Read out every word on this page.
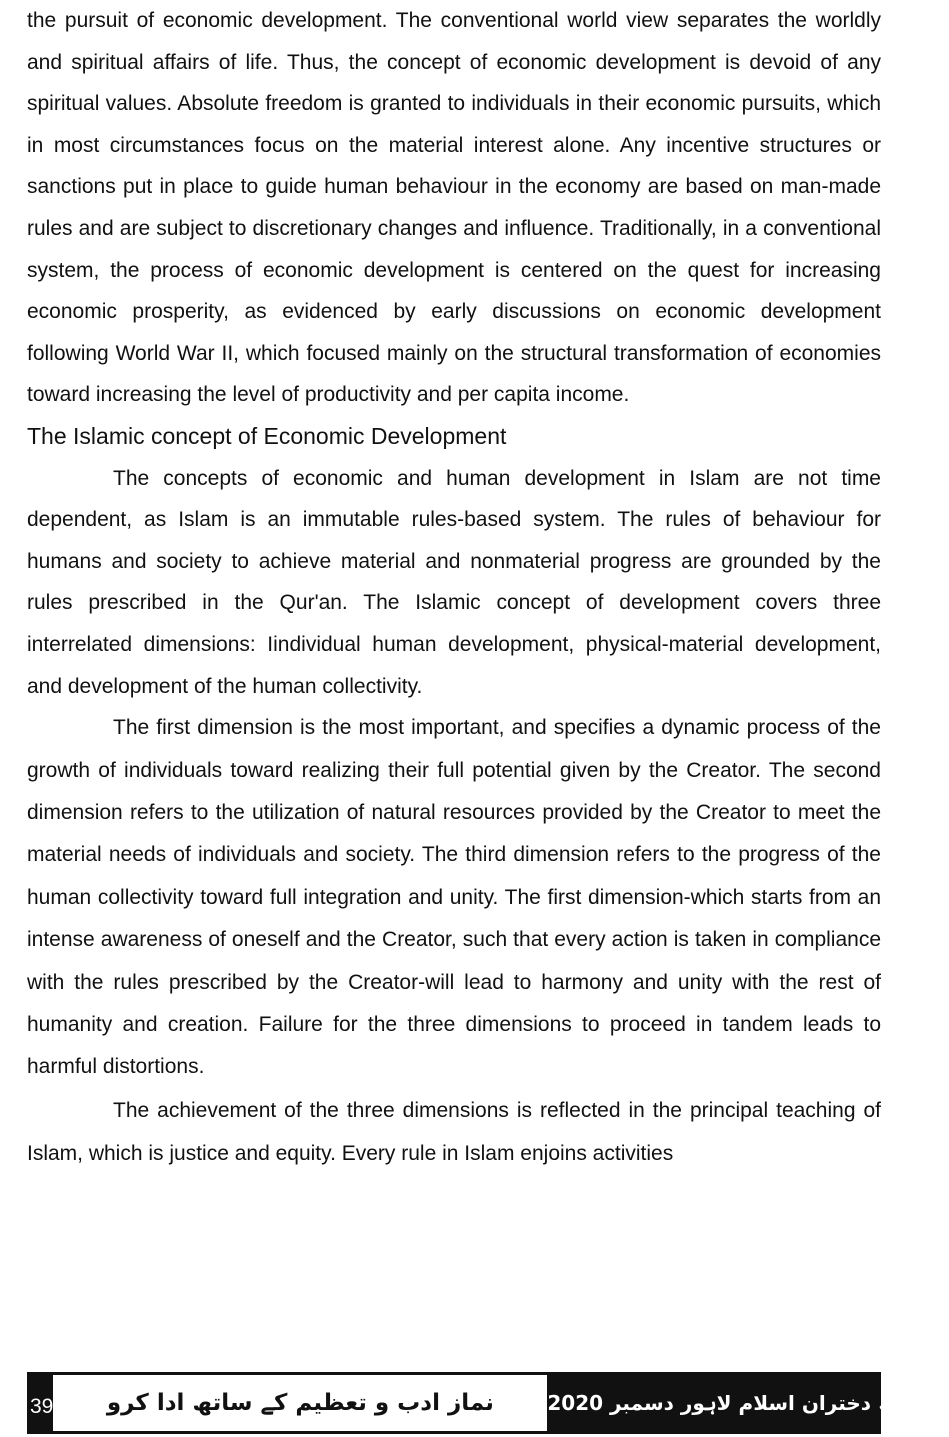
the pursuit of economic development. The conventional world view separates the worldly and spiritual affairs of life. Thus, the concept of economic development is devoid of any spiritual values. Absolute freedom is granted to individuals in their economic pursuits, which in most circumstances focus on the material interest alone. Any incentive structures or sanctions put in place to guide human behaviour in the economy are based on man-made rules and are subject to discretionary changes and influence. Traditionally, in a conventional system, the process of economic development is centered on the quest for increasing economic prosperity, as evidenced by early discussions on economic development following World War II, which focused mainly on the structural transformation of economies toward increasing the level of productivity and per capita income.

The Islamic concept of Economic Development

The concepts of economic and human development in Islam are not time dependent, as Islam is an immutable rules-based system. The rules of behaviour for humans and society to achieve material and nonmaterial progress are grounded by the rules prescribed in the Qur'an. The Islamic concept of development covers three interrelated dimensions: Iindividual human development, physical-material development, and development of the human collectivity.

The first dimension is the most important, and specifies a dynamic process of the growth of individuals toward realizing their full potential given by the Creator. The second dimension refers to the utilization of natural resources provided by the Creator to meet the material needs of individuals and society. The third dimension refers to the progress of the human collectivity toward full integration and unity. The first dimension-which starts from an intense awareness of oneself and the Creator, such that every action is taken in compliance with the rules prescribed by the Creator-will lead to harmony and unity with the rest of humanity and creation. Failure for the three dimensions to proceed in tandem leads to harmful distortions.

The achievement of the three dimensions is reflected in the principal teaching of Islam, which is justice and equity. Every rule in Islam enjoins activities

39	نماز ادب و تعظیم کے ساتھ ادا کرو	ماہنامہ دختران اسلام لاہور دسمبر 2020
